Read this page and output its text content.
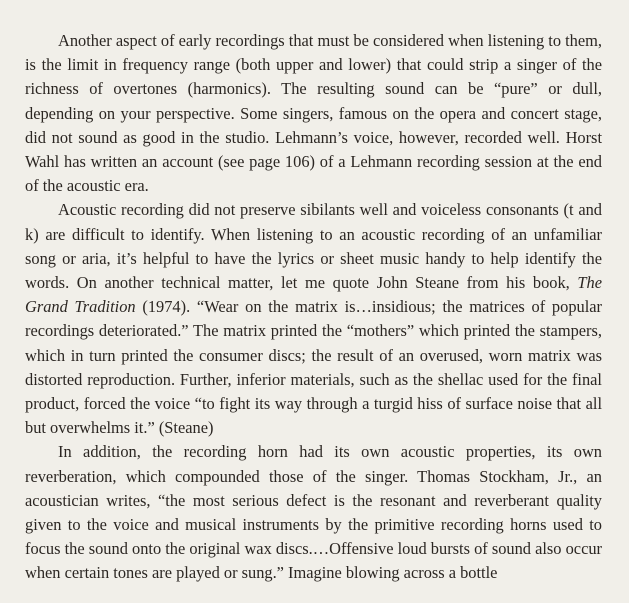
Another aspect of early recordings that must be considered when listening to them, is the limit in frequency range (both upper and lower) that could strip a singer of the richness of overtones (harmonics). The resulting sound can be “pure” or dull, depending on your perspective. Some singers, famous on the opera and concert stage, did not sound as good in the studio. Lehmann’s voice, however, recorded well. Horst Wahl has written an account (see page 106) of a Lehmann recording session at the end of the acoustic era.

Acoustic recording did not preserve sibilants well and voiceless consonants (t and k) are difficult to identify. When listening to an acoustic recording of an unfamiliar song or aria, it’s helpful to have the lyrics or sheet music handy to help identify the words. On another technical matter, let me quote John Steane from his book, The Grand Tradition (1974). “Wear on the matrix is…insidious; the matrices of popular recordings deteriorated.” The matrix printed the “mothers” which printed the stampers, which in turn printed the consumer discs; the result of an overused, worn matrix was distorted reproduction. Further, inferior materials, such as the shellac used for the final product, forced the voice “to fight its way through a turgid hiss of surface noise that all but overwhelms it.” (Steane)

In addition, the recording horn had its own acoustic properties, its own reverberation, which compounded those of the singer. Thomas Stockham, Jr., an acoustician writes, “the most serious defect is the resonant and reverberant quality given to the voice and musical instruments by the primitive recording horns used to focus the sound onto the original wax discs.…Offensive loud bursts of sound also occur when certain tones are played or sung.” Imagine blowing across a bottle
